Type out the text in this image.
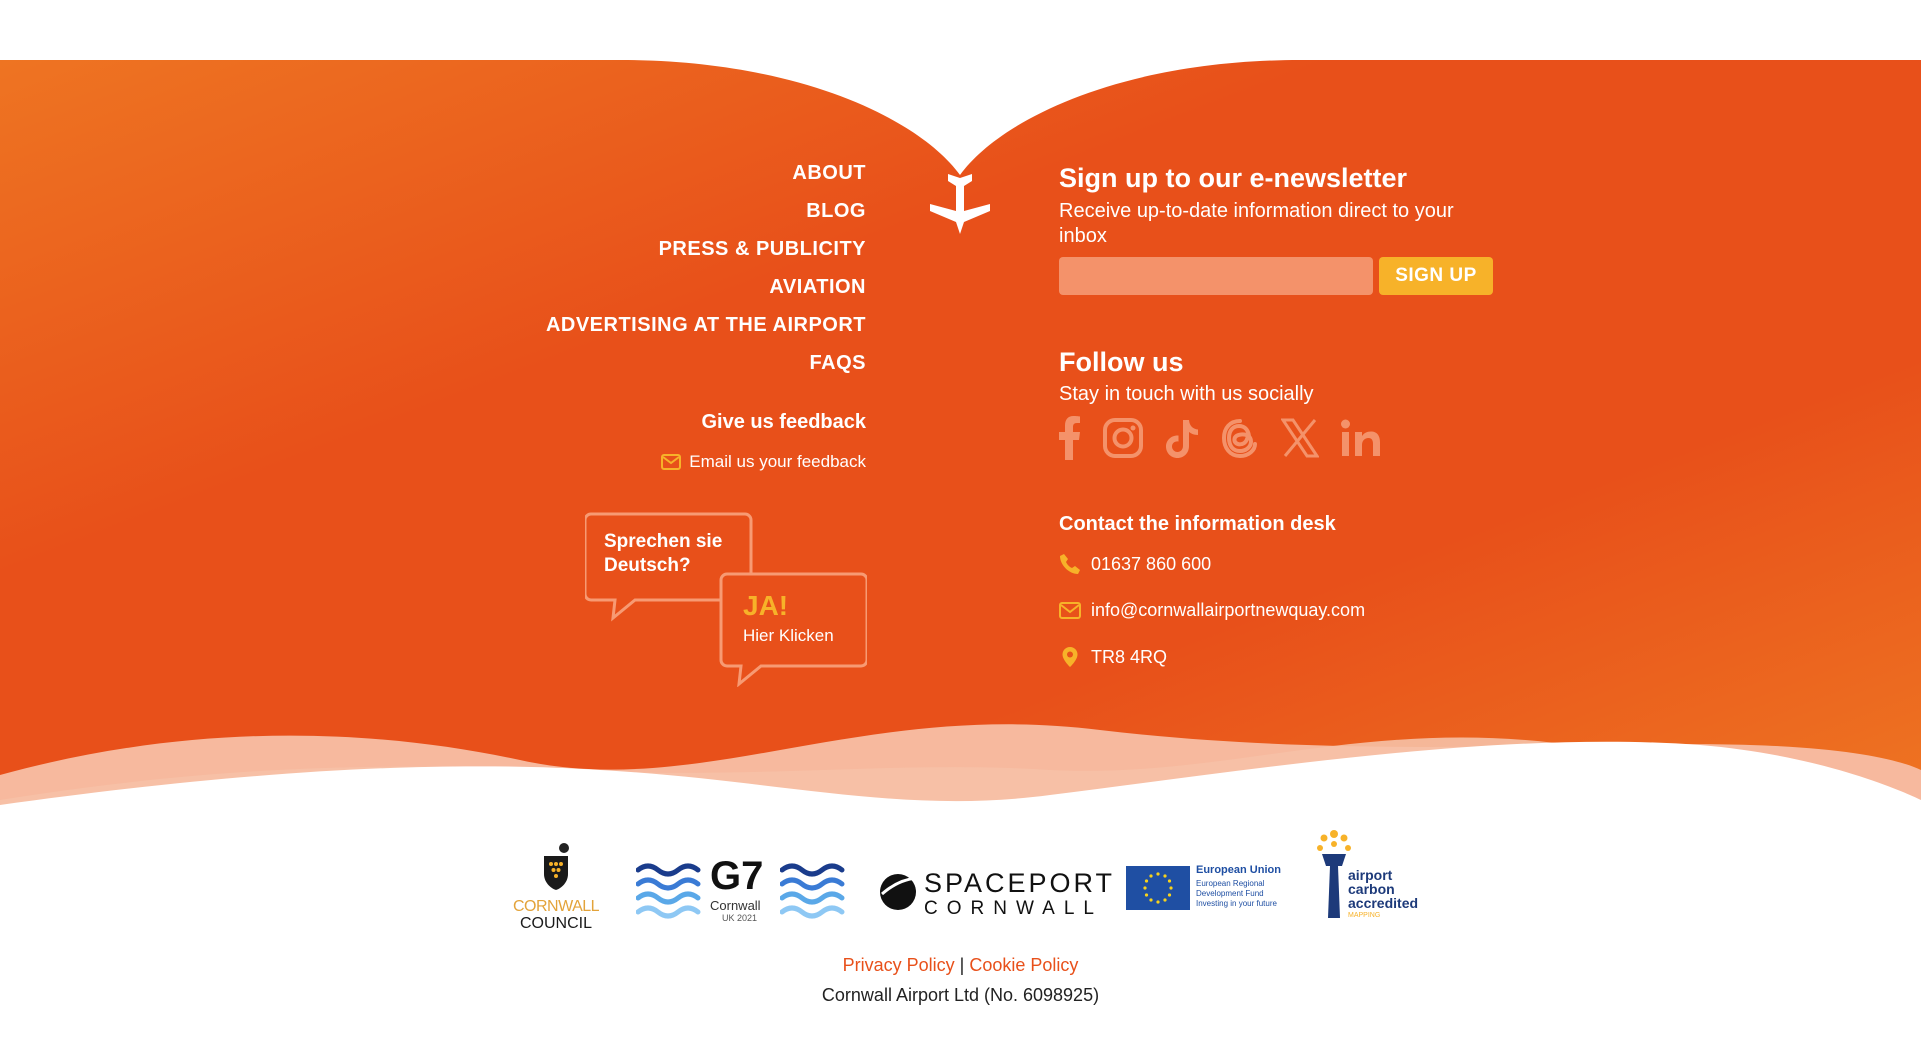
ABOUT
BLOG
PRESS & PUBLICITY
AVIATION
ADVERTISING AT THE AIRPORT
FAQS
Give us feedback
Email us your feedback
Sprechen sie Deutsch?
JA!
Hier Klicken
Sign up to our e-newsletter
Receive up-to-date information direct to your inbox
SIGN UP
Follow us
Stay in touch with us socially
Contact the information desk
01637 860 600
info@cornwallairportnewquay.com
TR8 4RQ
CORNWALL
COUNCIL
G7
Cornwall
UK 2021
SPACEPORT
CORNWALL
European Union
European Regional
Development Fund
Investing in your future
airport
carbon
accredited
MAPPING
Privacy Policy | Cookie Policy
Cornwall Airport Ltd (No. 6098925)
